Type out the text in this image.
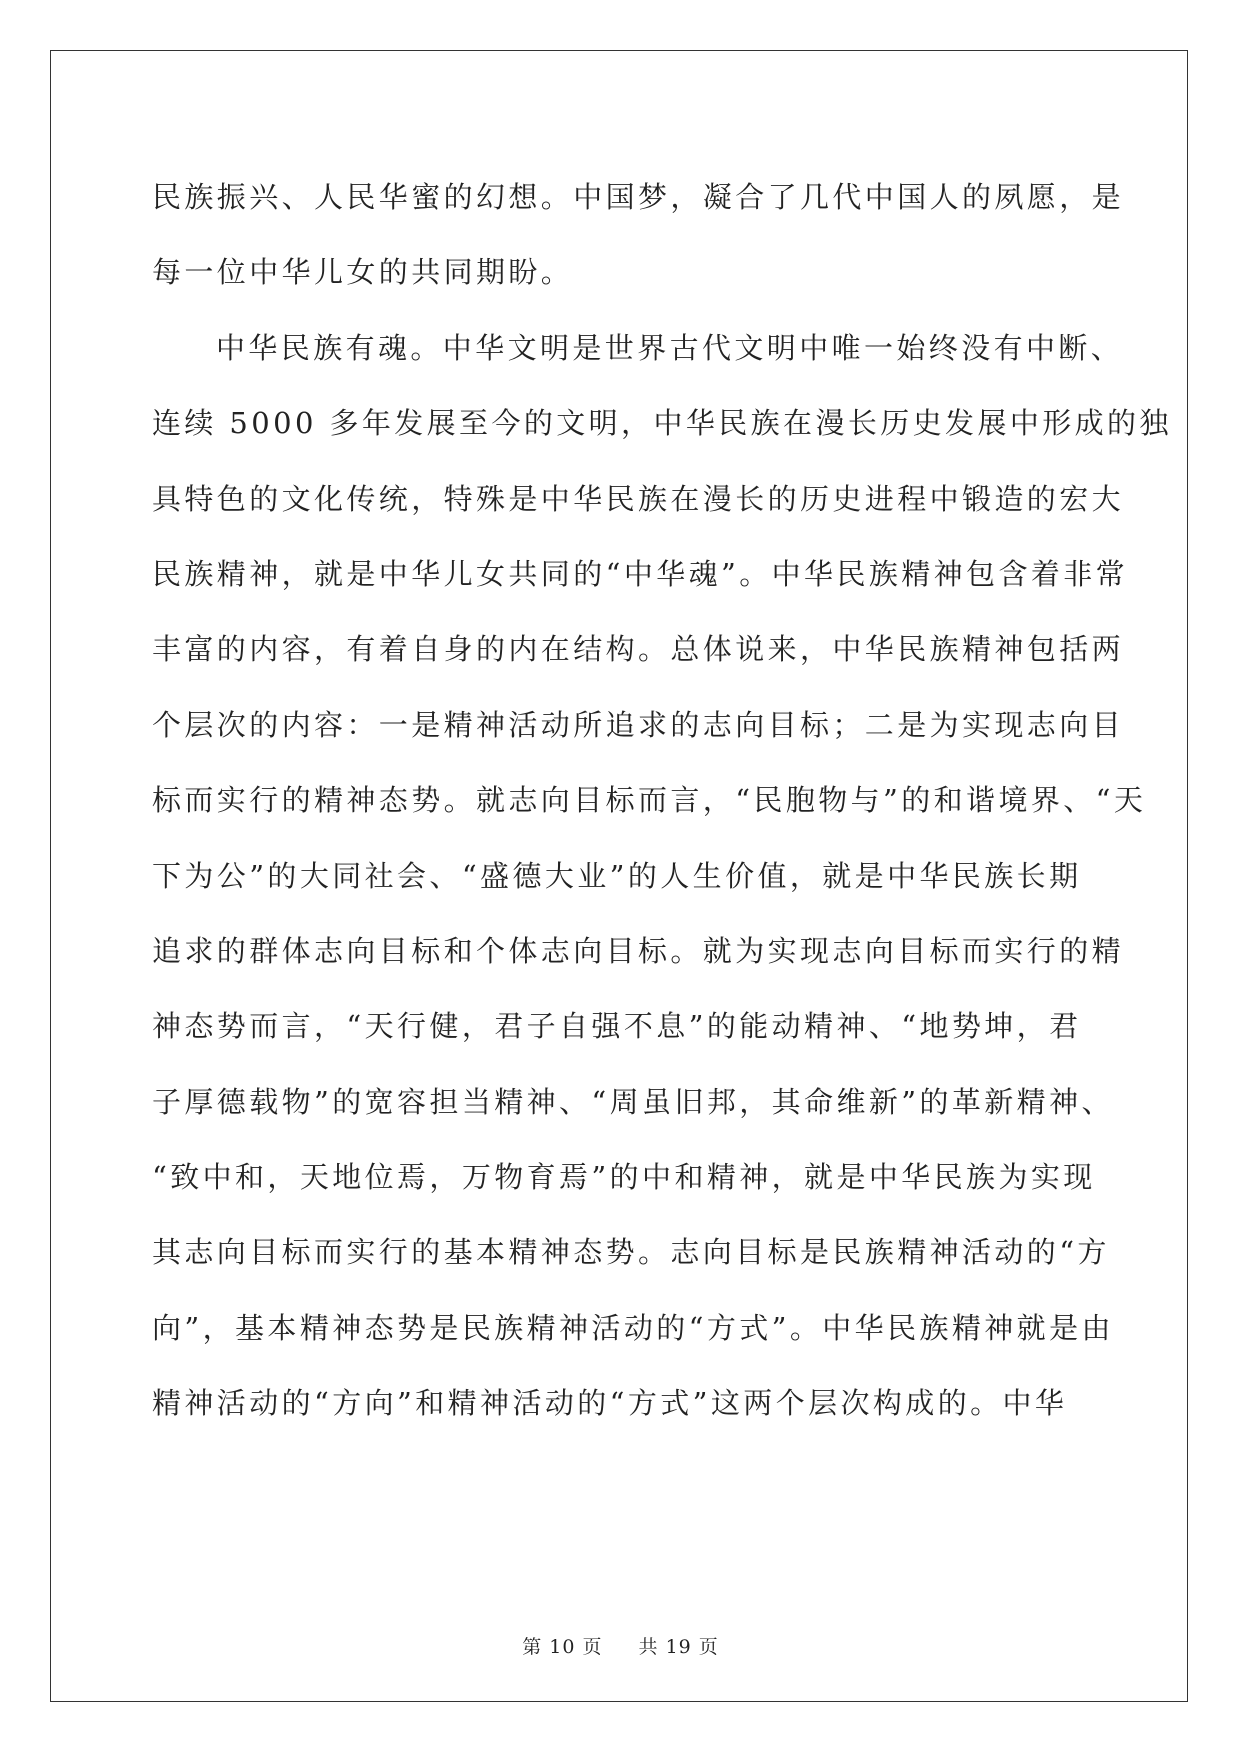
民族振兴、人民华蜜的幻想。中国梦，凝合了几代中国人的夙愿，是
每一位中华儿女的共同期盼。
中华民族有魂。中华文明是世界古代文明中唯一始终没有中断、
连续 5000 多年发展至今的文明，中华民族在漫长历史发展中形成的独
具特色的文化传统，特殊是中华民族在漫长的历史进程中锻造的宏大
民族精神，就是中华儿女共同的“中华魂”。中华民族精神包含着非常
丰富的内容，有着自身的内在结构。总体说来，中华民族精神包括两
个层次的内容：一是精神活动所追求的志向目标；二是为实现志向目
标而实行的精神态势。就志向目标而言，“民胞物与”的和谐境界、“天
下为公”的大同社会、“盛德大业”的人生价值，就是中华民族长期
追求的群体志向目标和个体志向目标。就为实现志向目标而实行的精
神态势而言，“天行健，君子自强不息”的能动精神、“地势坤，君
子厚德载物”的宽容担当精神、“周虽旧邦，其命维新”的革新精神、
“致中和，天地位焉，万物育焉”的中和精神，就是中华民族为实现
其志向目标而实行的基本精神态势。志向目标是民族精神活动的“方
向”，基本精神态势是民族精神活动的“方式”。中华民族精神就是由
精神活动的“方向”和精神活动的“方式”这两个层次构成的。中华
第 10 页 共 19 页
